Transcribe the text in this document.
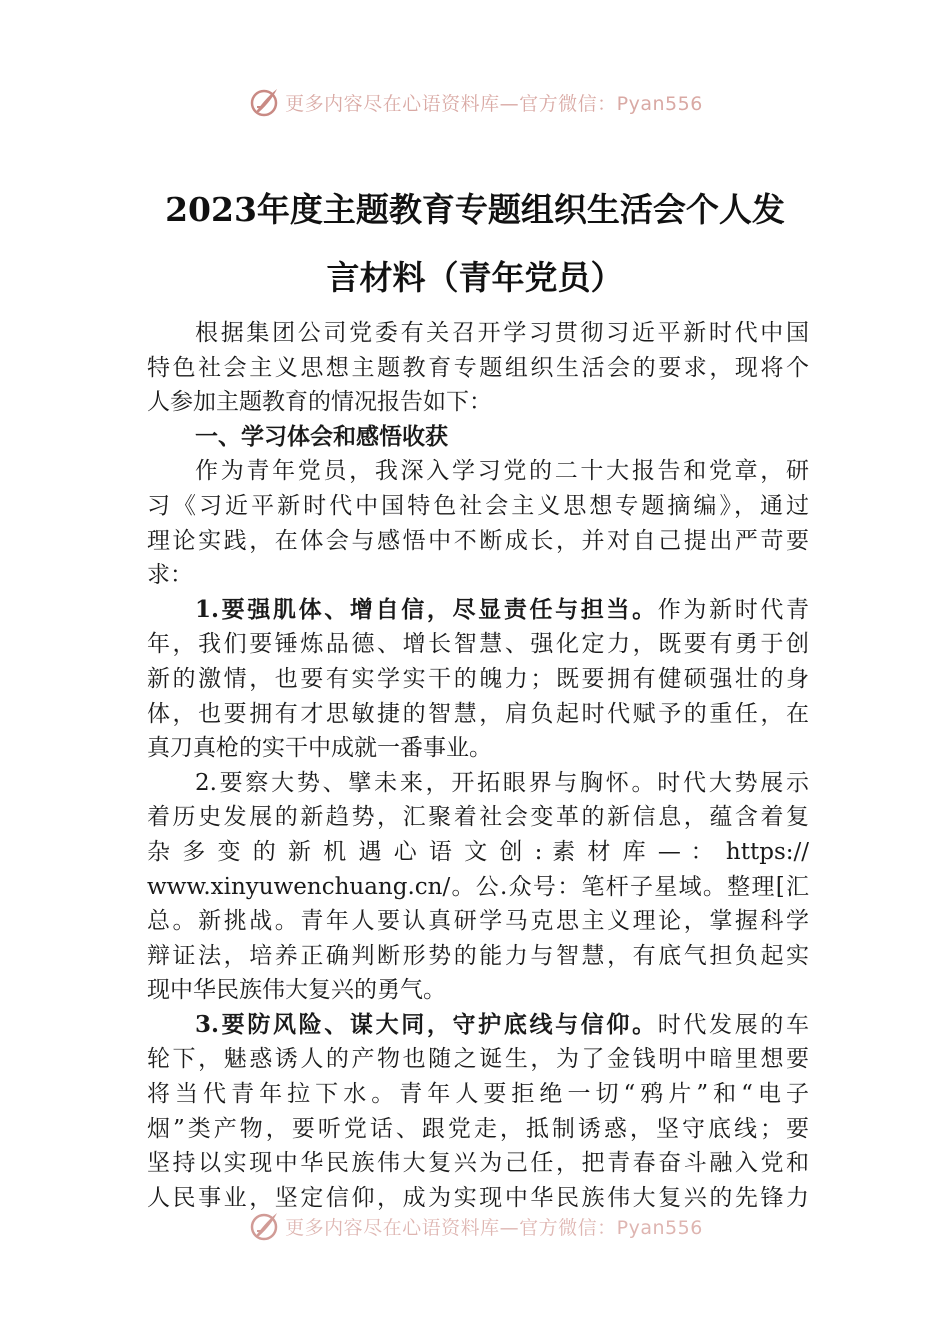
更多内容尽在心语资料库—官方微信：Pyan556
2023年度主题教育专题组织生活会个人发
言材料（青年党员）
根据集团公司党委有关召开学习贯彻习近平新时代中国
特色社会主义思想主题教育专题组织生活会的要求，现将个
人参加主题教育的情况报告如下：
一、学习体会和感悟收获
作为青年党员，我深入学习党的二十大报告和党章，研
习《习近平新时代中国特色社会主义思想专题摘编》，通过
理论实践，在体会与感悟中不断成长，并对自己提出严苛要
求：
1.要强肌体、增自信，尽显责任与担当。作为新时代青
年，我们要锤炼品德、增长智慧、强化定力，既要有勇于创
新的激情，也要有实学实干的魄力；既要拥有健硕强壮的身
体，也要拥有才思敏捷的智慧，肩负起时代赋予的重任，在
真刀真枪的实干中成就一番事业。
2.要察大势、擘未来，开拓眼界与胸怀。时代大势展示
着历史发展的新趋势，汇聚着社会变革的新信息，蕴含着复
杂 多 变 的 新 机 遇 心 语 文 创 : 素 材 库 — ： https://
www.xinyuwenchuang.cn/。公.众号：笔杆子星域。整理[汇
总。新挑战。青年人要认真研学马克思主义理论，掌握科学
辩证法，培养正确判断形势的能力与智慧，有底气担负起实
现中华民族伟大复兴的勇气。
3.要防风险、谋大同，守护底线与信仰。时代发展的车
轮下，魅惑诱人的产物也随之诞生，为了金钱明中暗里想要
将当代青年拉下水。青年人要拒绝一切“鸦片”和“电子
烟”类产物，要听党话、跟党走，抵制诱惑，坚守底线；要
坚持以实现中华民族伟大复兴为己任，把青春奋斗融入党和
人民事业，坚定信仰，成为实现中华民族伟大复兴的先锋力
更多内容尽在心语资料库—官方微信：Pyan556
